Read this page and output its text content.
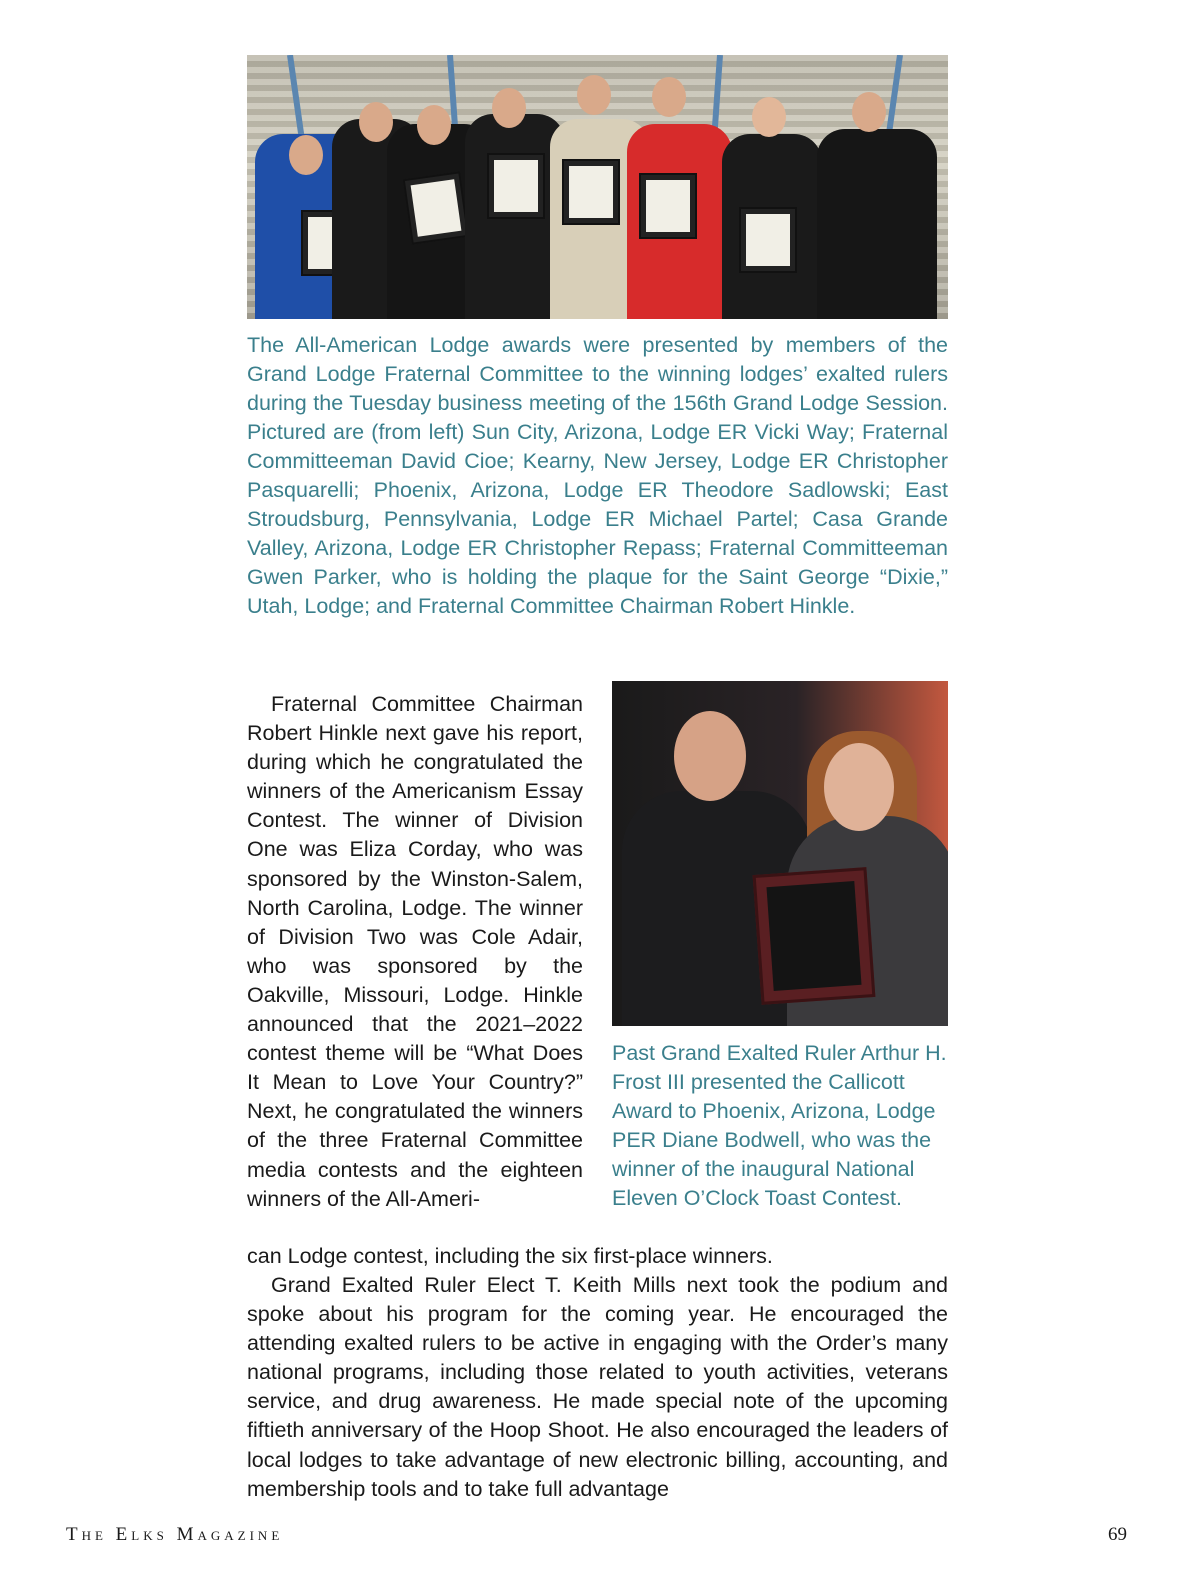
The All-American Lodge awards were presented by members of the Grand Lodge Fraternal Committee to the winning lodges’ exalted rulers during the Tuesday business meeting of the 156th Grand Lodge Session. Pictured are (from left) Sun City, Arizona, Lodge ER Vicki Way; Fraternal Committeeman David Cioe; Kearny, New Jersey, Lodge ER Christopher Pasquarelli; Phoenix, Arizona, Lodge ER Theodore Sadlowski; East Stroudsburg, Pennsylvania, Lodge ER Michael Partel; Casa Grande Valley, Arizona, Lodge ER Christopher Repass; Fraternal Committeeman Gwen Parker, who is holding the plaque for the Saint George “Dixie,” Utah, Lodge; and Fraternal Committee Chairman Robert Hinkle.

Fraternal Committee Chairman Robert Hinkle next gave his report, during which he congratulated the winners of the Americanism Essay Contest. The winner of Division One was Eliza Corday, who was sponsored by the Winston-Salem, North Carolina, Lodge. The winner of Division Two was Cole Adair, who was sponsored by the Oakville, Missouri, Lodge. Hinkle announced that the 2021–2022 contest theme will be “What Does It Mean to Love Your Country?” Next, he congratulated the winners of the three Fraternal Committee media contests and the eighteen winners of the All-Ameri-

Past Grand Exalted Ruler Arthur H. Frost III presented the Callicott Award to Phoenix, Arizona, Lodge PER Diane Bodwell, who was the winner of the inaugural National Eleven O’Clock Toast Contest.

can Lodge contest, including the six first-place winners.

Grand Exalted Ruler Elect T. Keith Mills next took the podium and spoke about his program for the coming year. He encouraged the attending exalted rulers to be active in engaging with the Order’s many national programs, including those related to youth activities, veterans service, and drug awareness. He made special note of the upcoming fiftieth anniversary of the Hoop Shoot. He also encouraged the leaders of local lodges to take advantage of new electronic billing, accounting, and membership tools and to take full advantage

The Elks Magazine	69
